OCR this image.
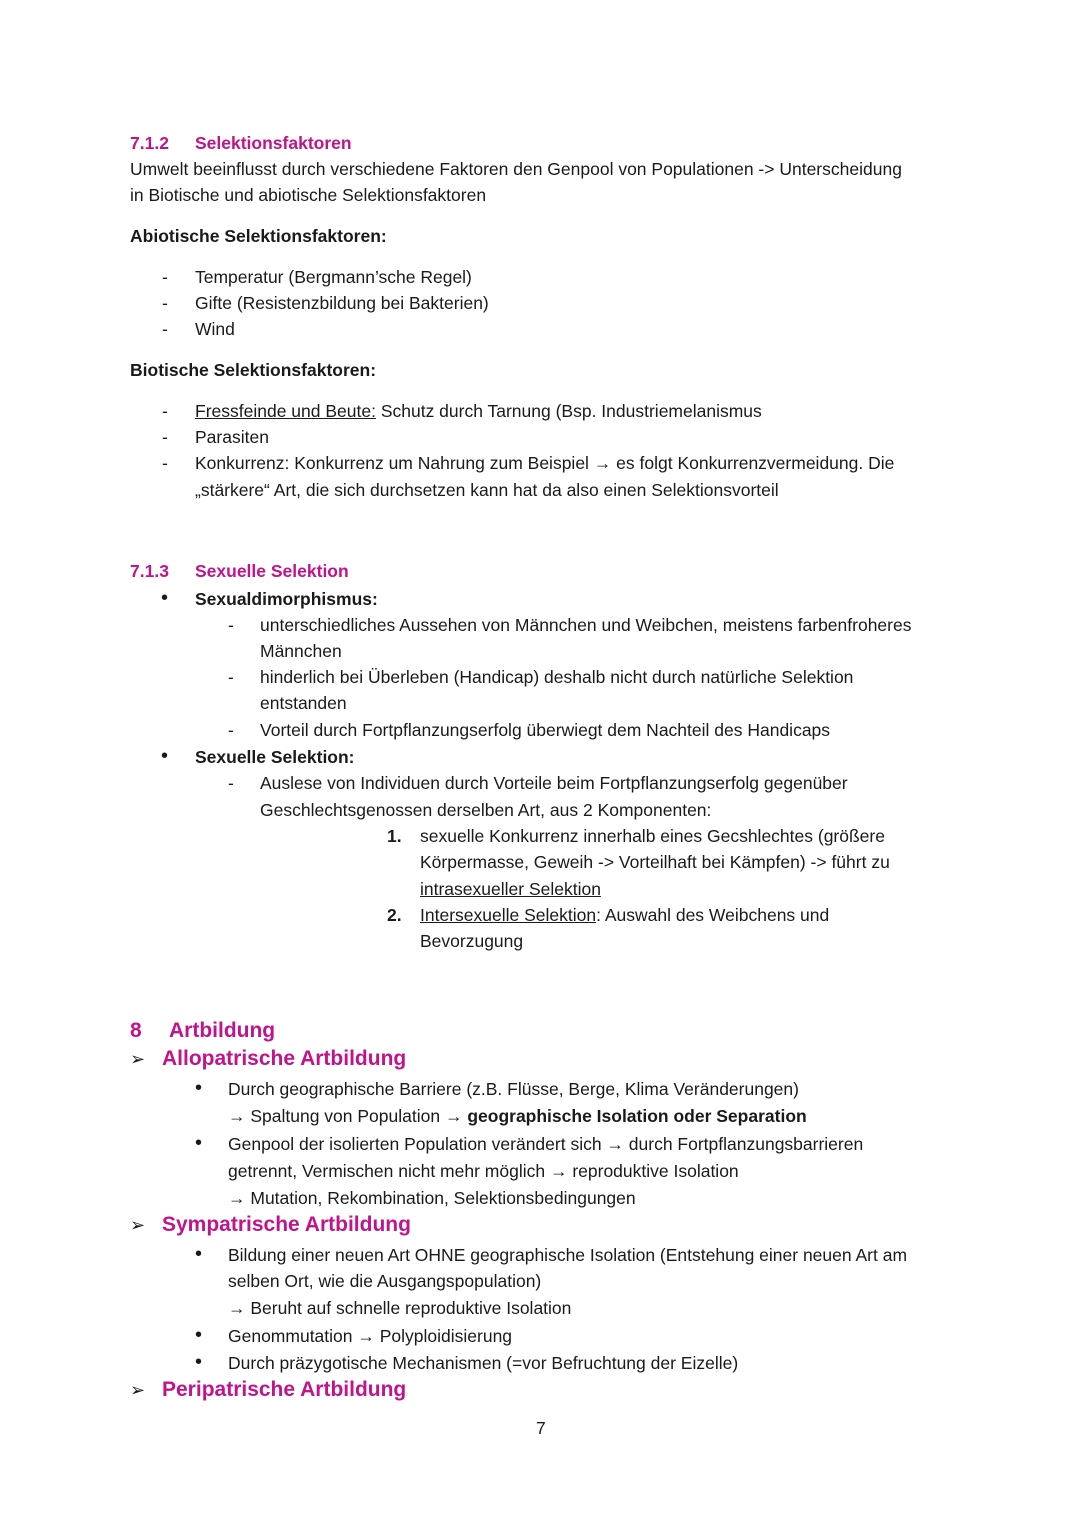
7.1.2 Selektionsfaktoren
Umwelt beeinflusst durch verschiedene Faktoren den Genpool von Populationen -> Unterscheidung
in Biotische und abiotische Selektionsfaktoren
Abiotische Selektionsfaktoren:
-	Temperatur (Bergmann’sche Regel)
-	Gifte (Resistenzbildung bei Bakterien)
-	Wind
Biotische Selektionsfaktoren:
-	Fressfeinde und Beute: Schutz durch Tarnung (Bsp. Industriemelanismus
-	Parasiten
-	Konkurrenz: Konkurrenz um Nahrung zum Beispiel → es folgt Konkurrenzvermeidung. Die
„stärkere“ Art, die sich durchsetzen kann hat da also einen Selektionsvorteil
7.1.3 Sexuelle Selektion
• Sexualdimorphismus:
-	unterschiedliches Aussehen von Männchen und Weibchen, meistens farbenfroheres
Männchen
-	hinderlich bei Überleben (Handicap) deshalb nicht durch natürliche Selektion
entstanden
-	Vorteil durch Fortpflanzungserfolg überwiegt dem Nachteil des Handicaps
• Sexuelle Selektion:
-	Auslese von Individuen durch Vorteile beim Fortpflanzungserfolg gegenüber
Geschlechtsgenossen derselben Art, aus 2 Komponenten:
1. sexuelle Konkurrenz innerhalb eines Gecshlechtes (größere
Körpermasse, Geweih -> Vorteilhaft bei Kämpfen) -> führt zu
intrasexueller Selektion
2. Intersexuelle Selektion: Auswahl des Weibchens und
Bevorzugung
8 Artbildung
➢ Allopatrische Artbildung
• Durch geographische Barriere (z.B. Flüsse, Berge, Klima Veränderungen)
→ Spaltung von Population → geographische Isolation oder Separation
• Genpool der isolierten Population verändert sich → durch Fortpflanzungsbarrieren
getrennt, Vermischen nicht mehr möglich → reproduktive Isolation
→ Mutation, Rekombination, Selektionsbedingungen
➢ Sympatrische Artbildung
• Bildung einer neuen Art OHNE geographische Isolation (Entstehung einer neuen Art am
selben Ort, wie die Ausgangspopulation)
→ Beruht auf schnelle reproduktive Isolation
• Genommutation → Polyploidisierung
• Durch präzygotische Mechanismen (=vor Befruchtung der Eizelle)
➢ Peripatrische Artbildung
7
